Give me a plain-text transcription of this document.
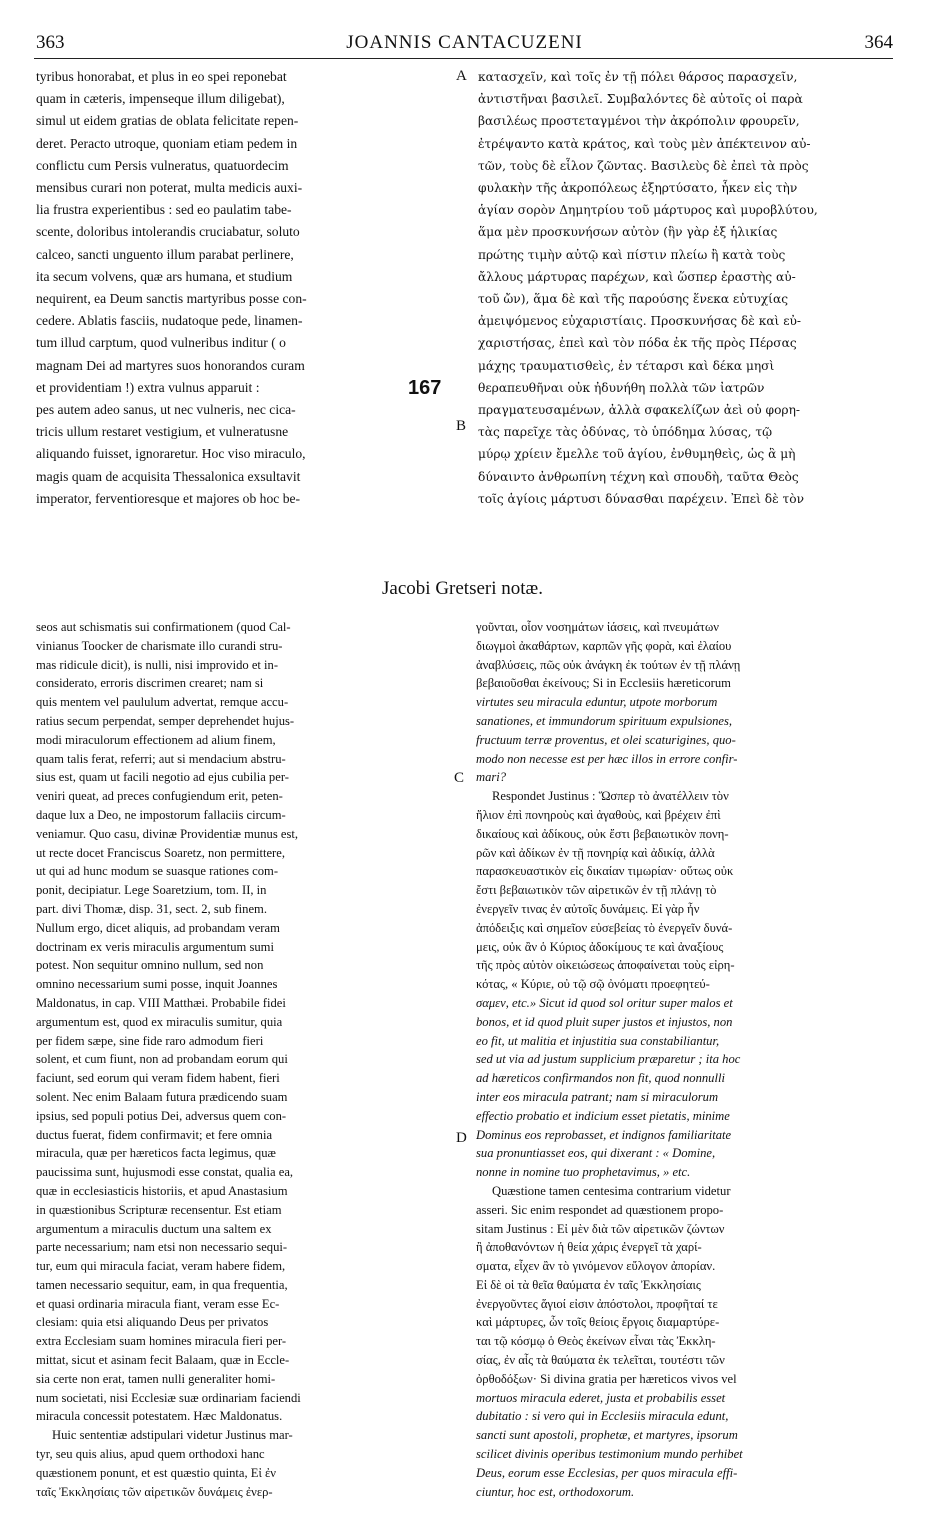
363	JOANNIS CANTACUZENI	364
tyribus honorabat, et plus in eo spei reponebat
quam in cæteris, impenseque illum diligebat),
simul ut eidem gratias de oblata felicitate repen-
deret. Peracto utroque, quoniam etiam pedem in
conflictu cum Persis vulneratus, quatuordecim
mensibus curari non poterat, multa medicis auxi-
lia frustra experientibus : sed eo paulatim tabe-
scente, doloribus intolerandis cruciabatur, soluto
calceo, sancti unguento illum parabat perlinere,
ita secum volvens, quæ ars humana, et studium
nequirent, ea Deum sanctis martyribus posse con-
cedere. Ablatis fasciis, nudatoque pede, linamen-
tum illud carptum, quod vulneribus inditur ( o
magnam Dei ad martyres suos honorandos curam
et providentiam !) extra vulnus apparuit :	167
pes autem adeo sanus, ut nec vulneris, nec cica-
tricis ullum restaret vestigium, et vulneratusne
aliquando fuisset, ignoraretur. Hoc viso miraculo,
magis quam de acquisita Thessalonica exsultavit
imperator, ferventioresque et majores ob hoc be-
κατασχεῖν, καὶ τοῖς ἐν τῇ πόλει θάρσος παρασχεῖν,
ἀντιστῆναι βασιλεῖ. Συμβαλόντες δὲ αὐτοῖς οἱ παρὰ
βασιλέως προστεταγμένοι τὴν ἀκρόπολιν φρουρεῖν,
ἐτρέψαντο κατὰ κράτος, καὶ τοὺς μὲν ἀπέκτεινον αὐ-
τῶν, τοὺς δὲ εἷλον ζῶντας. Βασιλεὺς δὲ ἐπεὶ τὰ πρὸς
φυλακὴν τῆς ἀκροπόλεως ἐξηρτύσατο, ἧκεν εἰς τὴν
ἁγίαν σορὸν Δημητρίου τοῦ μάρτυρος καὶ μυροβλύτου,
ἅμα μὲν προσκυνήσων αὐτὸν (ἣν γὰρ ἐξ ἡλικίας
πρώτης τιμὴν αὐτῷ καὶ πίστιν πλείω ἢ κατὰ τοὺς
ἄλλους μάρτυρας παρέχων, καὶ ὥσπερ ἐραστὴς αὐ-
τοῦ ὤν), ἅμα δὲ καὶ τῆς παρούσης ἕνεκα εὐτυχίας
ἀμειψόμενος εὐχαριστίαις. Προσκυνήσας δὲ καὶ εὐ-
χαριστήσας, ἐπεὶ καὶ τὸν πόδα ἐκ τῆς πρὸς Πέρσας
μάχης τραυματισθεὶς, ἐν τέταρσι καὶ δέκα μησὶ
θεραπευθῆναι οὐκ ἠδυνήθη πολλὰ τῶν ἰατρῶν
πραγματευσαμένων, ἀλλὰ σφακελίζων ἀεὶ οὐ φορη-
τὰς παρεῖχε τὰς ὀδύνας, τὸ ὑπόδημα λύσας, τῷ
μύρῳ χρίειν ἔμελλε τοῦ ἁγίου, ἐνθυμηθεὶς, ὡς ἃ μὴ
δύναιντο ἀνθρωπίνη τέχνη καὶ σπουδὴ, ταῦτα Θεὸς
τοῖς ἁγίοις μάρτυσι δύνασθαι παρέχειν. Ἐπεὶ δὲ τὸν
A
B
Jacobi Gretseri notæ.
seos aut schismatis sui confirmationem (quod Cal-
vinianus Toocker de charismate illo curandi stru-
mas ridicule dicit), is nulli, nisi improvido et in-
considerato, erroris discrimen crearet; nam si
quis mentem vel paululum advertat, remque accu-
ratius secum perpendat, semper deprehendet hujus-
modi miraculorum effectionem ad alium finem,
quam talis ferat, referri; aut si mendacium abstru-
sius est, quam ut facili negotio ad ejus cubilia per-
veniri queat, ad preces confugiendum erit, peten-
daque lux a Deo, ne impostorum fallaciis circum-
veniamur. Quo casu, divinæ Providentiæ munus est,
ut recte docet Franciscus Soaretz, non permittere,
ut qui ad hunc modum se suasque rationes com-
ponit, decipiatur. Lege Soaretzium, tom. II, in
part. divi Thomæ, disp. 31, sect. 2, sub finem.
Nullum ergo, dicet aliquis, ad probandam veram
doctrinam ex veris miraculis argumentum sumi
potest. Non sequitur omnino nullum, sed non
omnino necessarium sumi posse, inquit Joannes
Maldonatus, in cap. VIII Matthæi. Probabile fidei
argumentum est, quod ex miraculis sumitur, quia
per fidem sæpe, sine fide raro admodum fieri
solent, et cum fiunt, non ad probandam eorum qui
faciunt, sed eorum qui veram fidem habent, fieri
solent. Nec enim Balaam futura prædicendo suam
ipsius, sed populi potius Dei, adversus quem con-
ductus fuerat, fidem confirmavit; et fere omnia
miracula, quæ per hæreticos facta legimus, quæ
paucissima sunt, hujusmodi esse constat, qualia ea,
quæ in ecclesiasticis historiis, et apud Anastasium
in quæstionibus Scripturæ recensentur. Est etiam
argumentum a miraculis ductum una saltem ex
parte necessarium; nam etsi non necessario sequi-
tur, eum qui miracula faciat, veram habere fidem,
tamen necessario sequitur, eam, in qua frequentia,
et quasi ordinaria miracula fiant, veram esse Ec-
clesiam: quia etsi aliquando Deus per privatos
extra Ecclesiam suam homines miracula fieri per-
mittat, sicut et asinam fecit Balaam, quæ in Eccle-
sia certe non erat, tamen nulli generaliter homi-
num societati, nisi Ecclesiæ suæ ordinariam faciendi
miracula concessit potestatem. Hæc Maldonatus.
Huic sententiæ adstipulari videtur Justinus mar-
tyr, seu quis alius, apud quem orthodoxi hanc
quæstionem ponunt, et est quæstio quinta, Εἰ ἐν
ταῖς Ἐκκλησίαις τῶν αἱρετικῶν δυνάμεις ἐνερ-
γοῦνται, οἷον νοσημάτων ἰάσεις, καὶ πνευμάτων
διωγμοὶ ἀκαθάρτων, καρπῶν γῆς φορὰ, καὶ ἐλαίου
ἀναβλύσεις, πῶς οὐκ ἀνάγκη ἐκ τούτων ἐν τῇ πλάνῃ
βεβαιοῦσθαι ἐκείνους; Si in Ecclesiis hæreticorum
virtutes seu miracula eduntur, utpote morborum
sanationes, et immundorum spirituum expulsiones,
fructuum terræ proventus, et olei scaturigines, quo-
modo non necesse est per hæc illos in errore confir-
mari?
Respondet Justinus : Ὥσπερ τὸ ἀνατέλλειν τὸν
ἥλιον ἐπὶ πονηροὺς καὶ ἀγαθοὺς, καὶ βρέχειν ἐπὶ
δικαίους καὶ ἀδίκους, οὐκ ἔστι βεβαιωτικὸν πονη-
ρῶν καὶ ἀδίκων ἐν τῇ πονηρίᾳ καὶ ἀδικίᾳ, ἀλλὰ
παρασκευαστικὸν εἰς δικαίαν τιμωρίαν· οὕτως οὐκ
ἔστι βεβαιωτικὸν τῶν αἱρετικῶν ἐν τῇ πλάνῃ τὸ
ἐνεργεῖν τινας ἐν αὐτοῖς δυνάμεις. Εἰ γὰρ ἦν
ἀπόδειξις καὶ σημεῖον εὐσεβείας τὸ ἐνεργεῖν δυνά-
μεις, οὐκ ἂν ὁ Κύριος ἀδοκίμους τε καὶ ἀναξίους
τῆς πρὸς αὐτὸν οἰκειώσεως ἀποφαίνεται τοὺς εἰρη-
κότας, « Κύριε, οὐ τῷ σῷ ὀνόματι προεφητεύ-
σαμεν, etc.» Sicut id quod sol oritur super malos et
bonos, et id quod pluit super justos et injustos, non
eo fit, ut malitia et injustitia sua constabiliantur,
sed ut via ad justum supplicium præparetur ; ita hoc
ad hæreticos confirmandos non fit, quod nonnulli
inter eos miracula patrant; nam si miraculorum
effectio probatio et indicium esset pietatis, minime
Dominus eos reprobasset, et indignos familiaritate
sua pronuntiasset eos, qui dixerant : « Domine,
nonne in nomine tuo prophetavimus, » etc.
Quæstione tamen centesima contrarium videtur
asseri. Sic enim respondet ad quæstionem propo-
sitam Justinus : Εἰ μὲν διὰ τῶν αἱρετικῶν ζώντων
ἢ ἀποθανόντων ἡ θεία χάρις ἐνεργεῖ τὰ χαρί-
σματα, εἶχεν ἂν τὸ γινόμενον εὔλογον ἀπορίαν.
Εἰ δὲ οἱ τὰ θεῖα θαύματα ἐν ταῖς Ἐκκλησίαις
ἐνεργοῦντες ἅγιοί εἰσιν ἀπόστολοι, προφῆταί τε
καὶ μάρτυρες, ὧν τοῖς θείοις ἔργοις διαμαρτύρε-
ται τῷ κόσμῳ ὁ Θεὸς ἐκείνων εἶναι τὰς Ἐκκλη-
σίας, ἐν αἷς τὰ θαύματα ἐκ τελεῖται, τουτέστι τῶν
ὀρθοδόξων· Si divina gratia per hæreticos vivos vel
mortuos miracula ederet, justa et probabilis esset
dubitatio : si vero qui in Ecclesiis miracula edunt,
sancti sunt apostoli, prophetæ, et martyres, ipsorum
scilicet divinis operibus testimonium mundo perhibet
Deus, eorum esse Ecclesias, per quos miracula effi-
ciuntur, hoc est, orthodoxorum.
C
D
